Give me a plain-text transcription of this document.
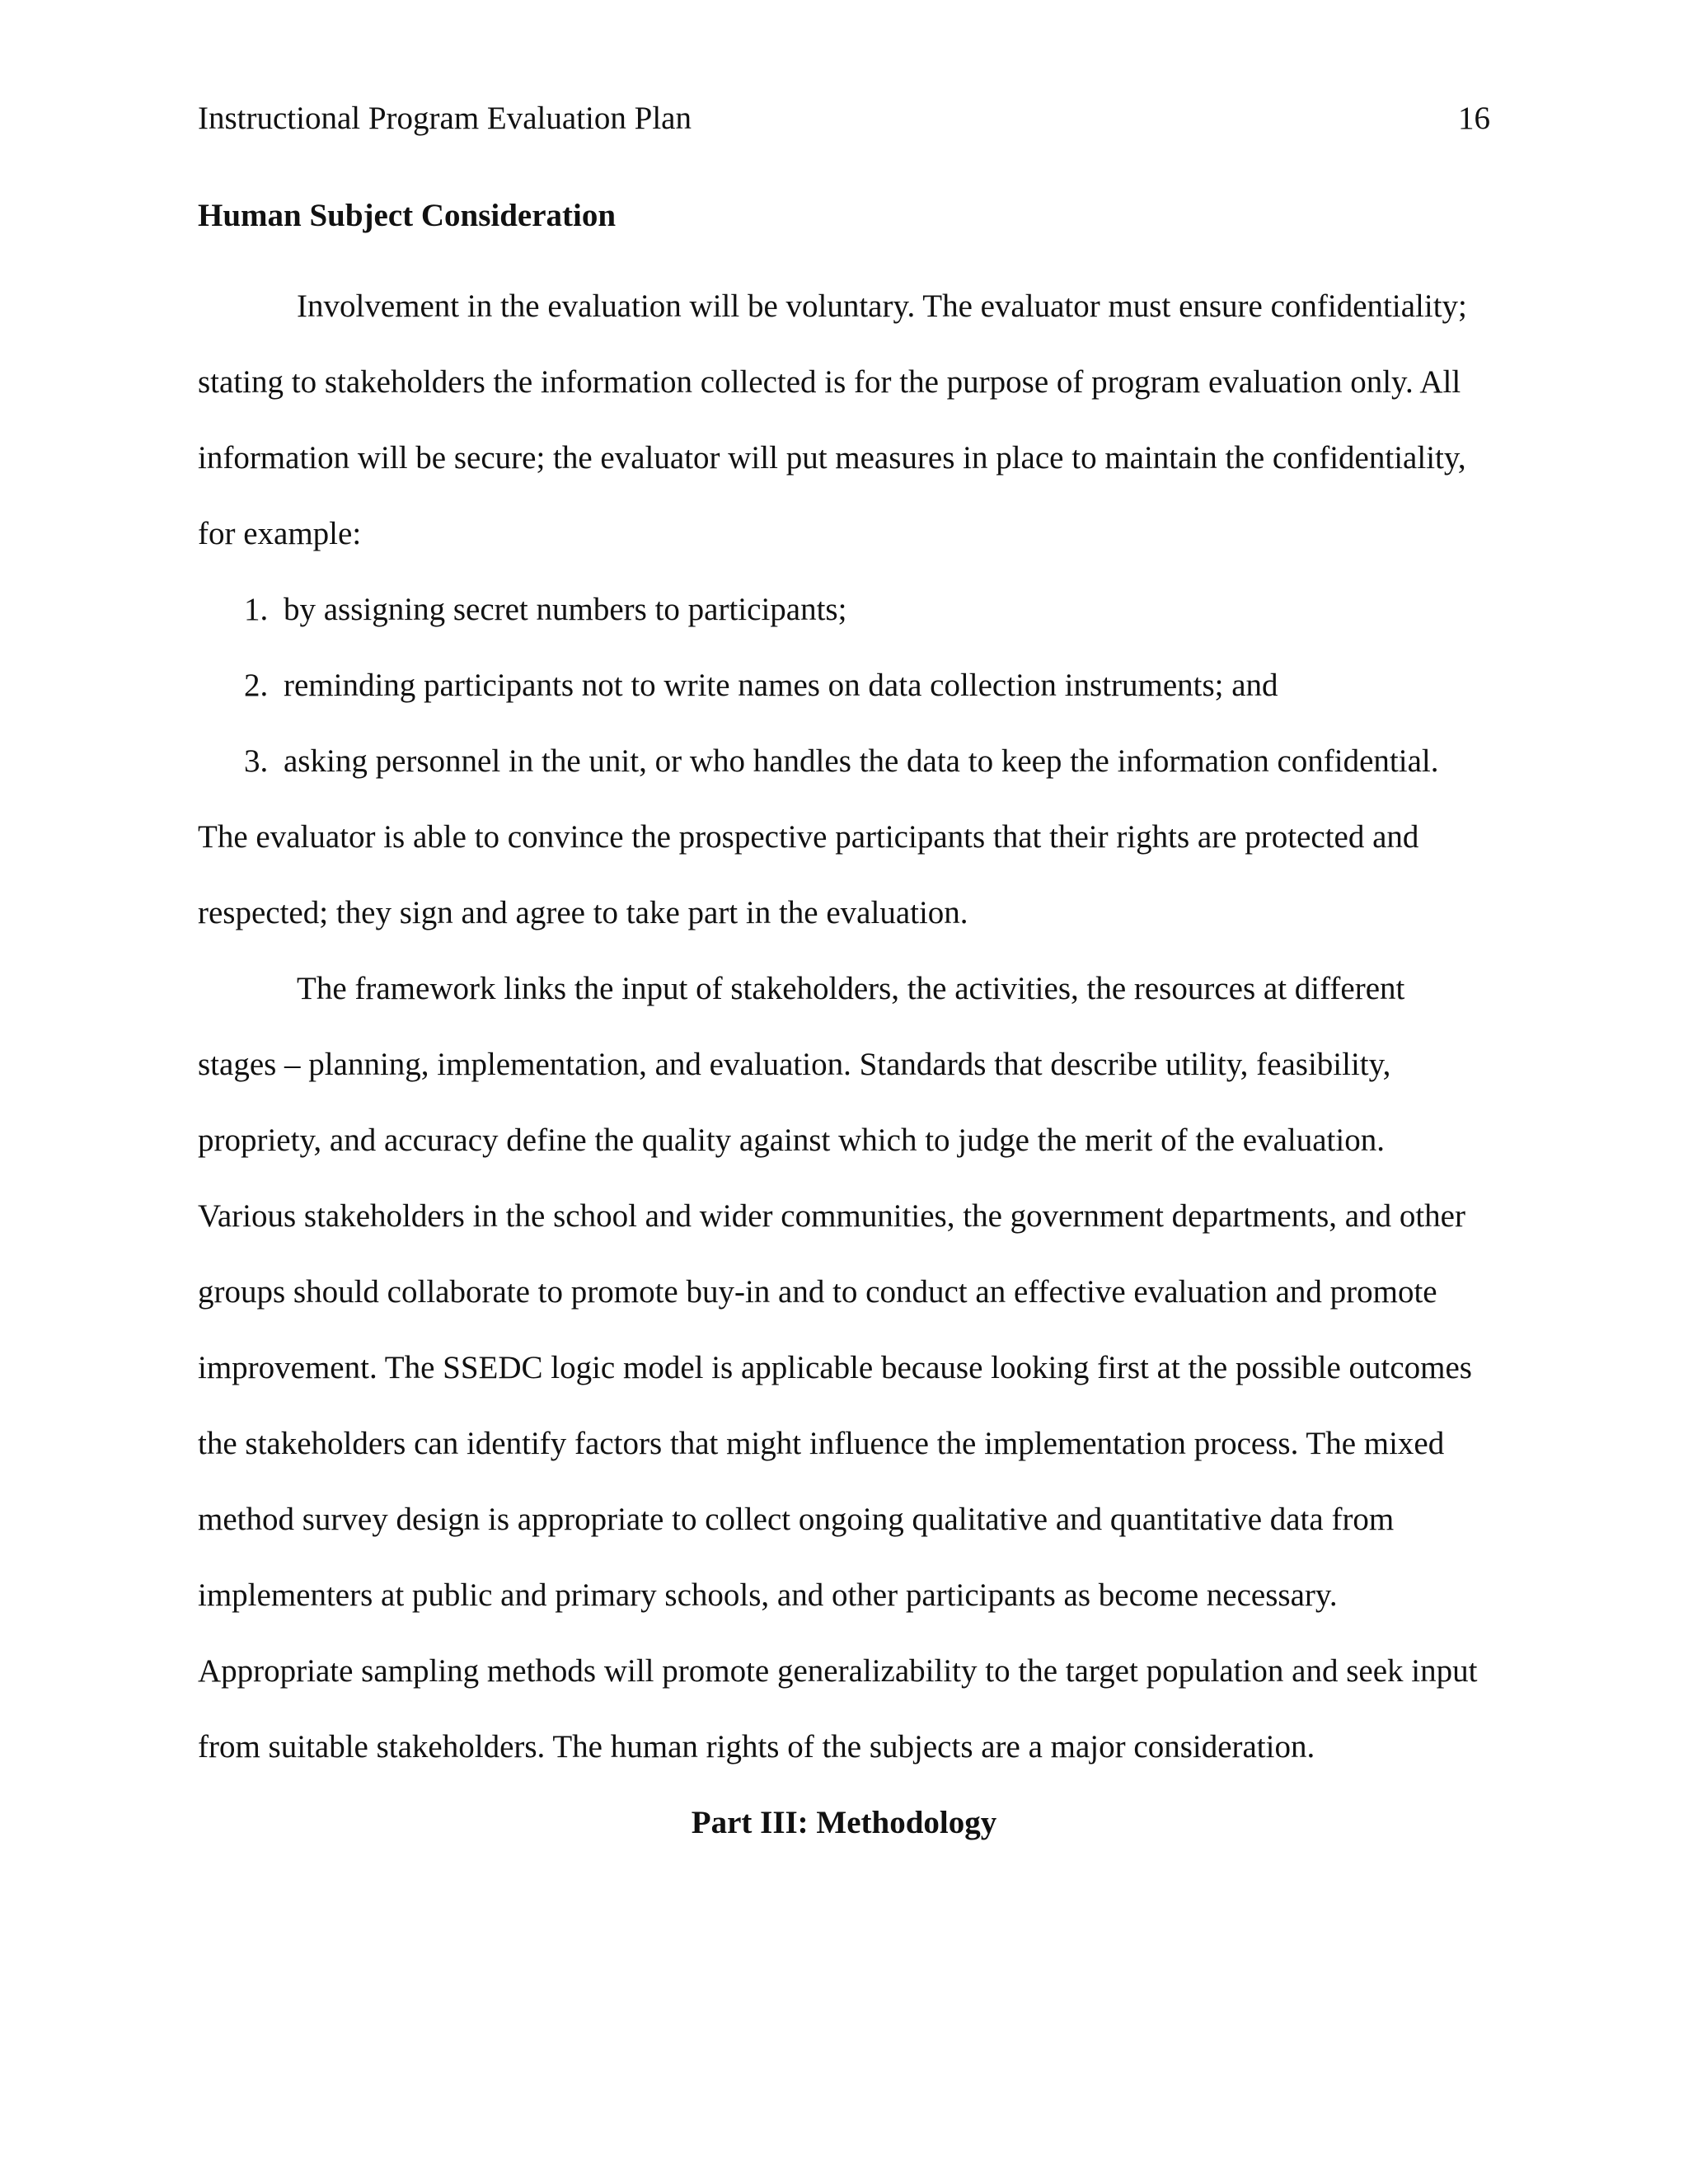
Instructional Program Evaluation Plan	16
Human Subject Consideration

Involvement in the evaluation will be voluntary. The evaluator must ensure confidentiality; stating to stakeholders the information collected is for the purpose of program evaluation only. All information will be secure; the evaluator will put measures in place to maintain the confidentiality, for example:

1. by assigning secret numbers to participants;
2. reminding participants not to write names on data collection instruments; and
3. asking personnel in the unit, or who handles the data to keep the information confidential.

The evaluator is able to convince the prospective participants that their rights are protected and respected; they sign and agree to take part in the evaluation.

The framework links the input of stakeholders, the activities, the resources at different stages – planning, implementation, and evaluation. Standards that describe utility, feasibility, propriety, and accuracy define the quality against which to judge the merit of the evaluation. Various stakeholders in the school and wider communities, the government departments, and other groups should collaborate to promote buy-in and to conduct an effective evaluation and promote improvement. The SSEDC logic model is applicable because looking first at the possible outcomes the stakeholders can identify factors that might influence the implementation process. The mixed method survey design is appropriate to collect ongoing qualitative and quantitative data from implementers at public and primary schools, and other participants as become necessary. Appropriate sampling methods will promote generalizability to the target population and seek input from suitable stakeholders. The human rights of the subjects are a major consideration.

Part III: Methodology
